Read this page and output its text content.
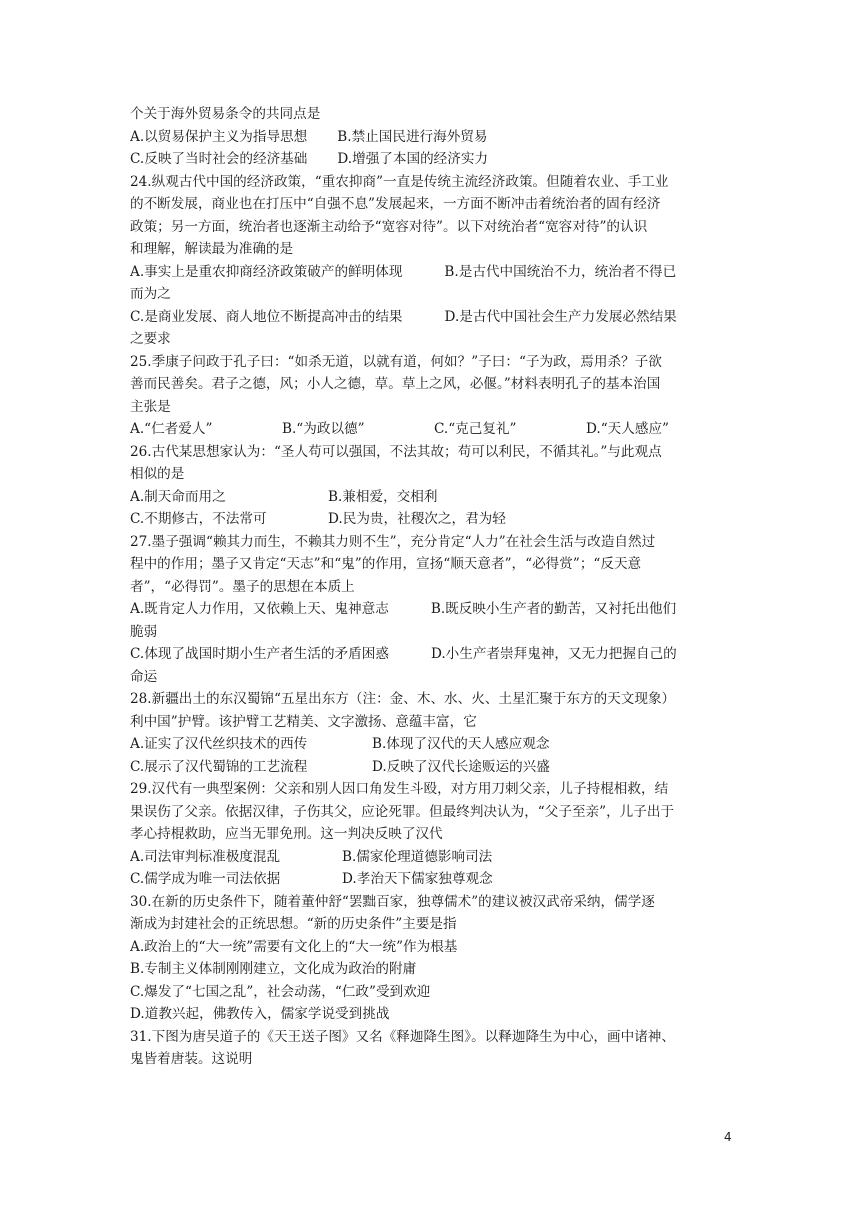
个关于海外贸易条令的共同点是
A.以贸易保护主义为指导思想 B.禁止国民进行海外贸易
C.反映了当时社会的经济基础 D.增强了本国的经济实力
24.纵观古代中国的经济政策，“重农抑商”一直是传统主流经济政策。但随着农业、手工业
的不断发展，商业也在打压中“自强不息”发展起来，一方面不断冲击着统治者的固有经济
政策；另一方面，统治者也逐渐主动给予“宽容对待”。以下对统治者“宽容对待”的认识
和理解，解读最为准确的是
A.事实上是重农抑商经济政策破产的鲜明体现	B.是古代中国统治不力，统治者不得已
而为之
C.是商业发展、商人地位不断提高冲击的结果	D.是古代中国社会生产力发展必然结果
之要求
25.季康子问政于孔子曰：“如杀无道，以就有道，何如？”子曰：“子为政，焉用杀？子欲
善而民善矣。君子之德，风；小人之德，草。草上之风，必偃。”材料表明孔子的基本治国
主张是
A.“仁者爱人”	B.“为政以德”	C.“克己复礼”	D.“天人感应”
26.古代某思想家认为：“圣人苟可以强国，不法其故；苟可以利民，不循其礼。”与此观点
相似的是
A.制天命而用之	B.兼相爱，交相利
C.不期修古，不法常可	D.民为贵，社稷次之，君为轻
27.墨子强调“赖其力而生，不赖其力则不生”，充分肯定“人力”在社会生活与改造自然过
程中的作用；墨子又肯定“天志”和“鬼”的作用，宣扬“顺天意者”，“必得赏”；“反天意
者”，“必得罚”。墨子的思想在本质上
A.既肯定人力作用，又依赖上天、鬼神意志	B.既反映小生产者的勤苦，又衬托出他们
脆弱
C.体现了战国时期小生产者生活的矛盾困惑	D.小生产者崇拜鬼神，又无力把握自己的
命运
28.新疆出土的东汉蜀锦“五星出东方（注：金、木、水、火、土星汇聚于东方的天文现象）
利中国”护臂。该护臂工艺精美、文字激扬、意蕴丰富，它
A.证实了汉代丝织技术的西传	B.体现了汉代的天人感应观念
C.展示了汉代蜀锦的工艺流程	D.反映了汉代长途贩运的兴盛
29.汉代有一典型案例：父亲和别人因口角发生斗殴，对方用刀刺父亲，儿子持棍相救，结
果误伤了父亲。依据汉律，子伤其父，应论死罪。但最终判决认为，“父子至亲”，儿子出于
孝心持棍救助，应当无罪免刑。这一判决反映了汉代
A.司法审判标准极度混乱	B.儒家伦理道德影响司法
C.儒学成为唯一司法依据	D.孝治天下儒家独尊观念
30.在新的历史条件下，随着董仲舒“罢黜百家，独尊儒术”的建议被汉武帝采纳，儒学逐
渐成为封建社会的正统思想。“新的历史条件”主要是指
A.政治上的“大一统”需要有文化上的“大一统”作为根基
B.专制主义体制刚刚建立，文化成为政治的附庸
C.爆发了“七国之乱”，社会动荡，“仁政”受到欢迎
D.道教兴起，佛教传入，儒家学说受到挑战
31.下图为唐吴道子的《天王送子图》又名《释迦降生图》。以释迦降生为中心，画中诸神、
鬼皆着唐装。这说明
4
